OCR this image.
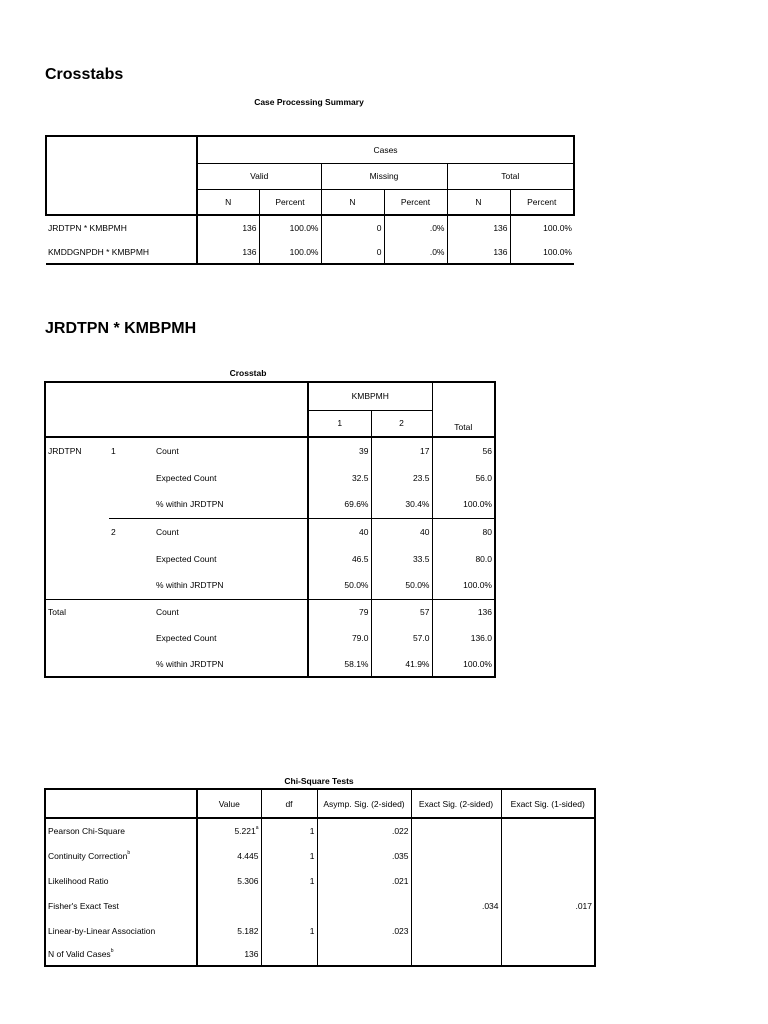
Crosstabs
Case Processing Summary
	Cases					
	Valid		Missing		Total	
	N	Percent	N	Percent	N	Percent
JRDTPN * KMBPMH	136	100.0%	0	.0%	136	100.0%
KMDDGNPDH * KMBPMH	136	100.0%	0	.0%	136	100.0%
JRDTPN * KMBPMH
Crosstab
			KMBPMH		Total
			1	2	
JRDTPN	1	Count	39	17	56
		Expected Count	32.5	23.5	56.0
		% within JRDTPN	69.6%	30.4%	100.0%
	2	Count	40	40	80
		Expected Count	46.5	33.5	80.0
		% within JRDTPN	50.0%	50.0%	100.0%
Total		Count	79	57	136
		Expected Count	79.0	57.0	136.0
		% within JRDTPN	58.1%	41.9%	100.0%
Chi-Square Tests
	Value	df	Asymp. Sig. (2-sided)	Exact Sig. (2-sided)	Exact Sig. (1-sided)
Pearson Chi-Square	5.221$^a$	1	.022		
Continuity Correction$^b$	4.445	1	.035		
Likelihood Ratio	5.306	1	.021		
Fisher's Exact Test				.034	.017
Linear-by-Linear Association	5.182	1	.023		
N of Valid Cases$^b$	136				
